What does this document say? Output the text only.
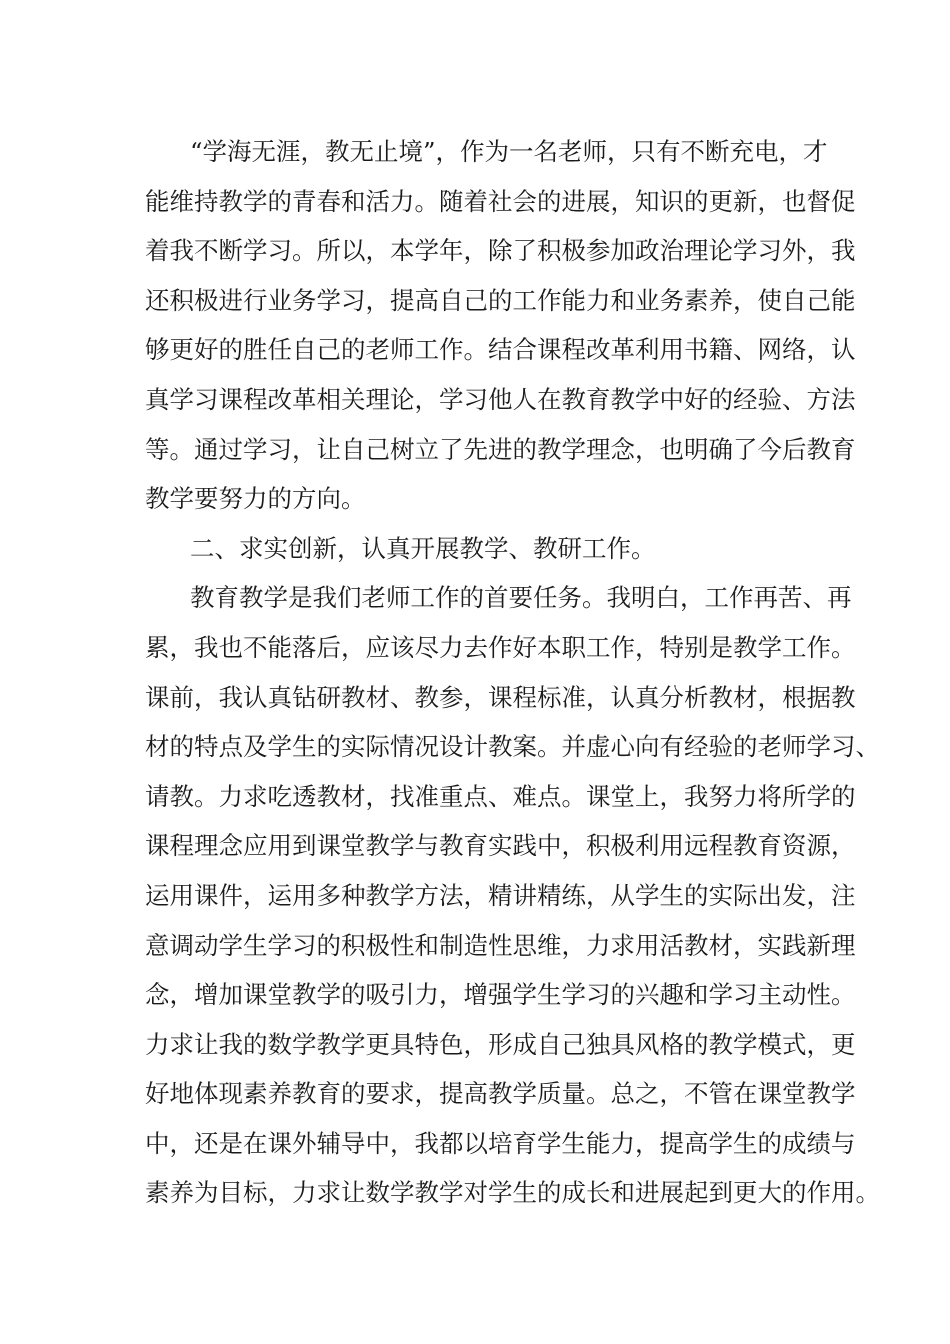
“学海无涯，教无止境”，作为一名老师，只有不断充电，才
能维持教学的青春和活力。随着社会的进展，知识的更新，也督促
着我不断学习。所以，本学年，除了积极参加政治理论学习外，我
还积极进行业务学习，提高自己的工作能力和业务素养，使自己能
够更好的胜任自己的老师工作。结合课程改革利用书籍、网络，认
真学习课程改革相关理论，学习他人在教育教学中好的经验、方法
等。通过学习，让自己树立了先进的教学理念，也明确了今后教育
教学要努力的方向。
二、求实创新，认真开展教学、教研工作。
教育教学是我们老师工作的首要任务。我明白，工作再苦、再
累，我也不能落后，应该尽力去作好本职工作，特别是教学工作。
课前，我认真钻研教材、教参，课程标准，认真分析教材，根据教
材的特点及学生的实际情况设计教案。并虚心向有经验的老师学习、
请教。力求吃透教材，找准重点、难点。课堂上，我努力将所学的
课程理念应用到课堂教学与教育实践中，积极利用远程教育资源，
运用课件，运用多种教学方法，精讲精练，从学生的实际出发，注
意调动学生学习的积极性和制造性思维，力求用活教材，实践新理
念，增加课堂教学的吸引力，增强学生学习的兴趣和学习主动性。
力求让我的数学教学更具特色，形成自己独具风格的教学模式，更
好地体现素养教育的要求，提高教学质量。总之，不管在课堂教学
中，还是在课外辅导中，我都以培育学生能力，提高学生的成绩与
素养为目标，力求让数学教学对学生的成长和进展起到更大的作用。
